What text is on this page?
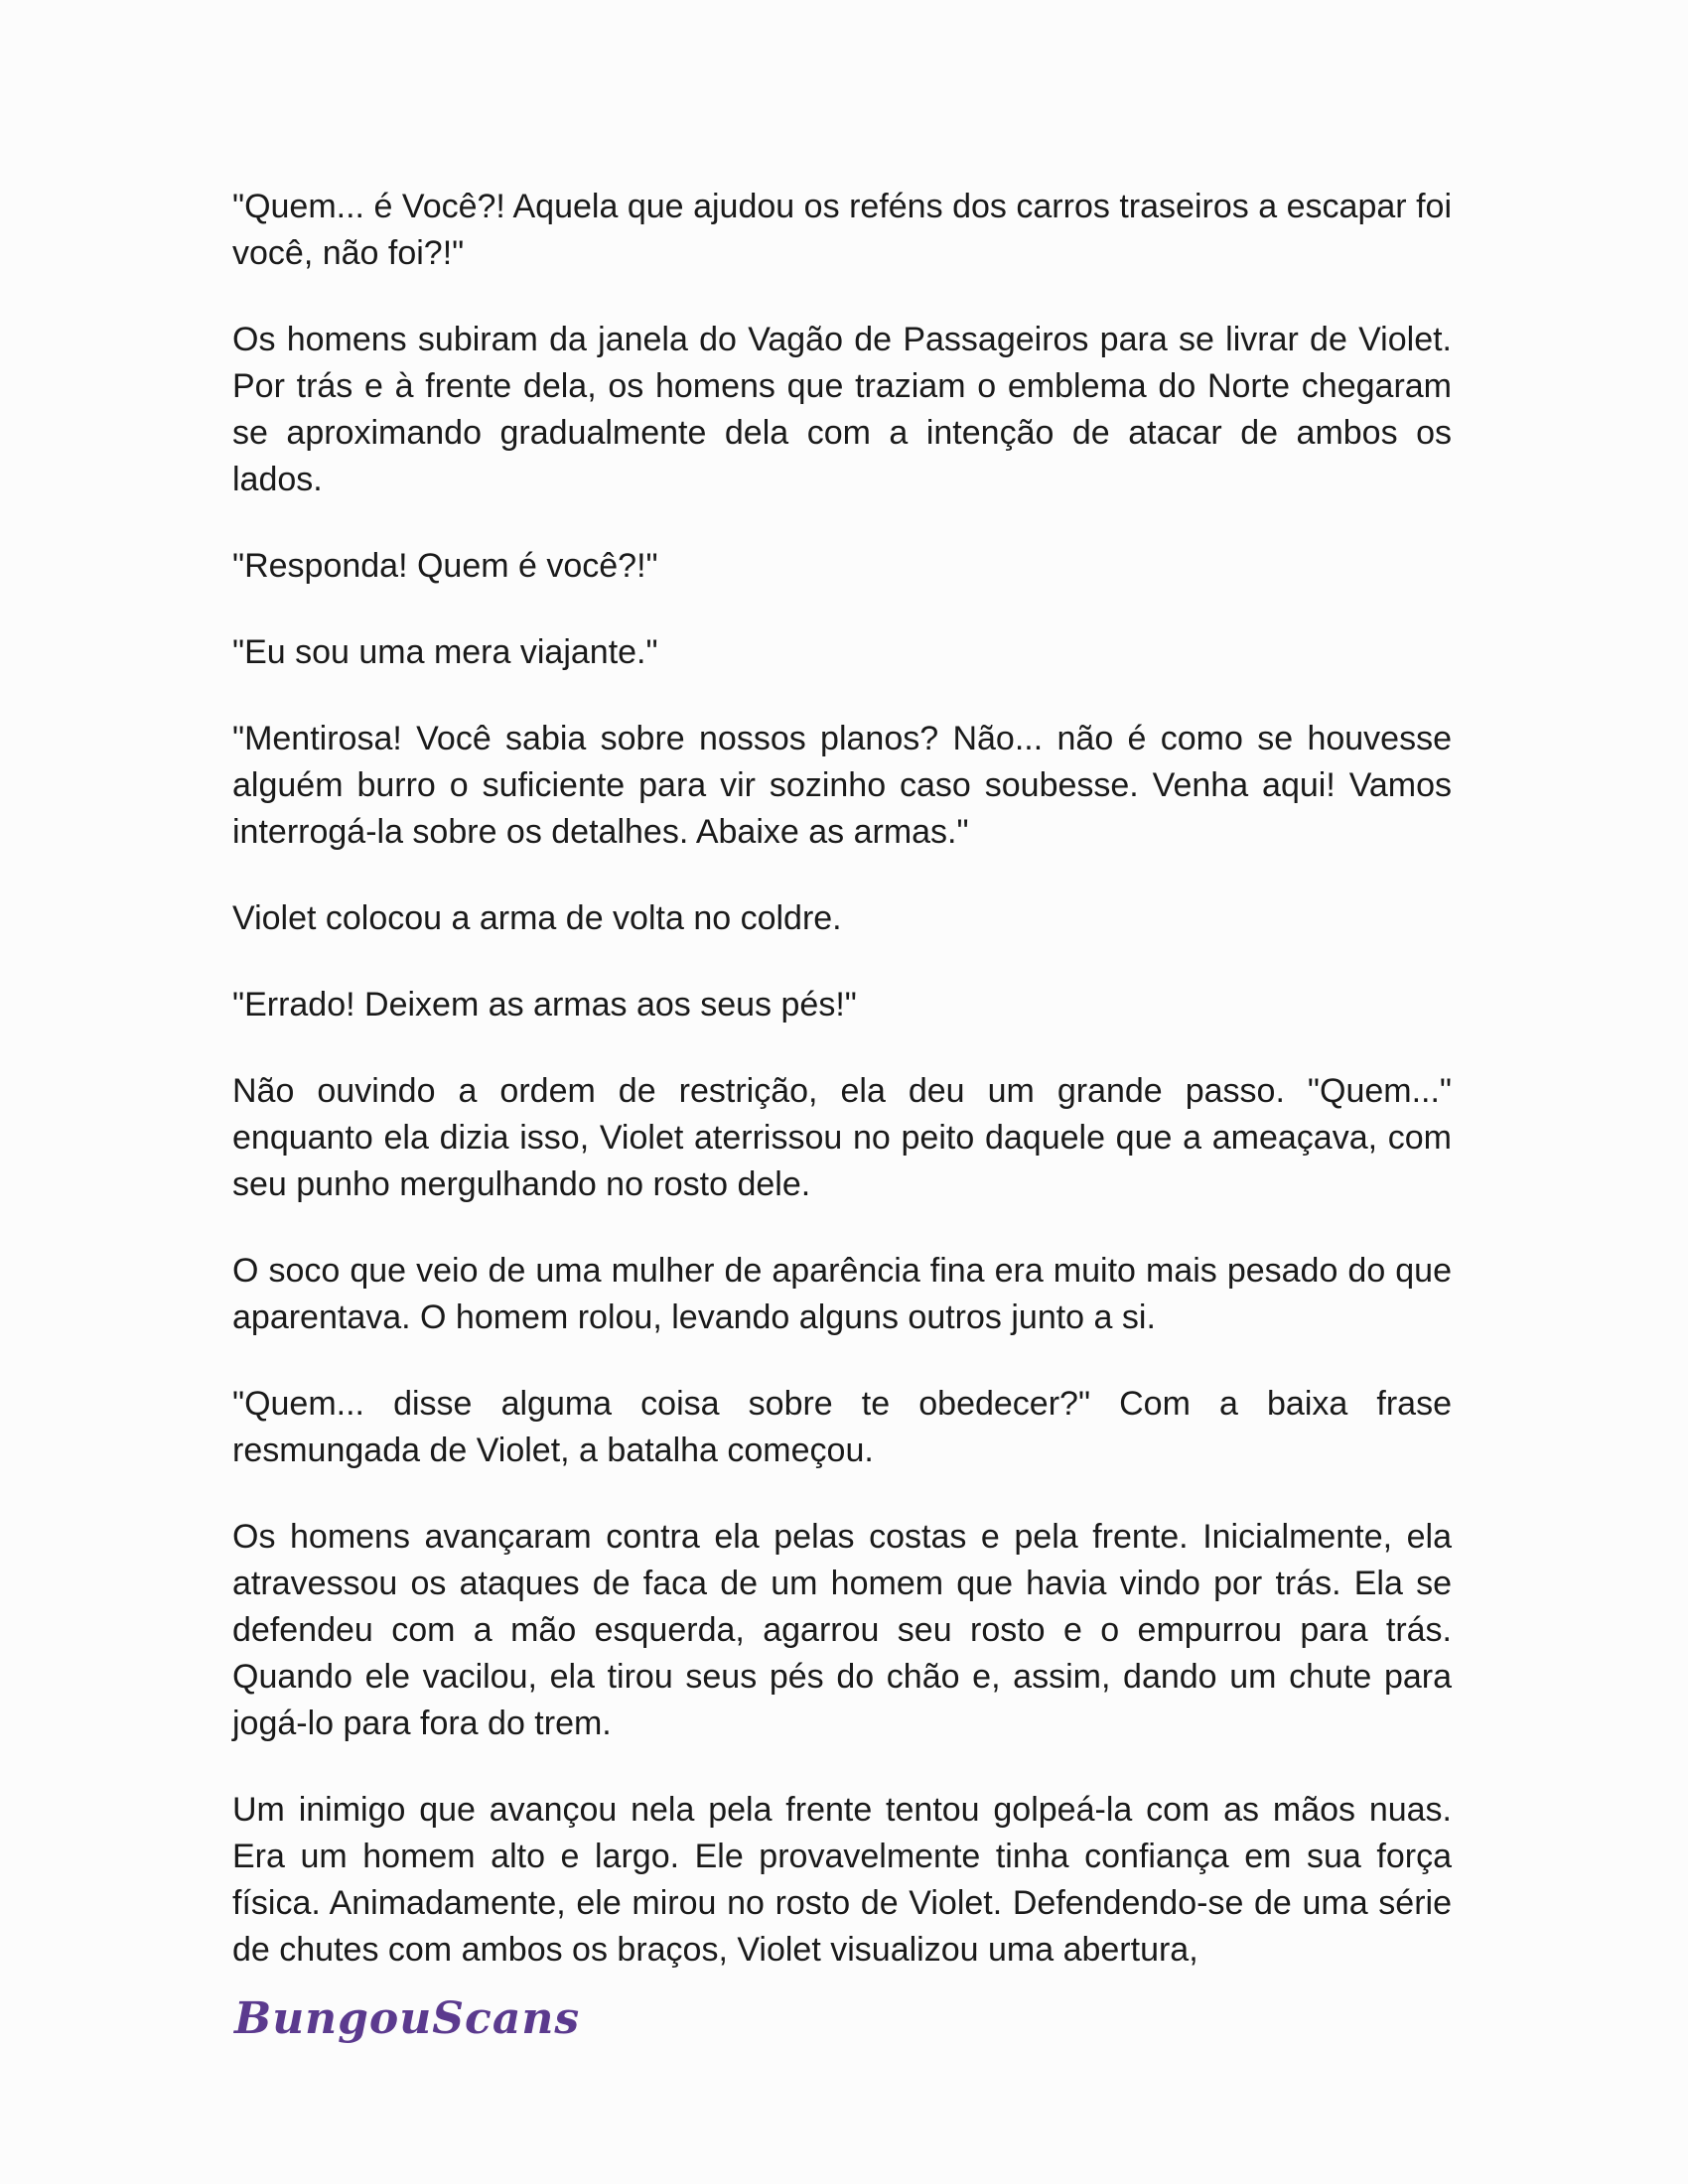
"Quem... é Você?! Aquela que ajudou os reféns dos carros traseiros a escapar foi você, não foi?!"

Os homens subiram da janela do Vagão de Passageiros para se livrar de Violet. Por trás e à frente dela, os homens que traziam o emblema do Norte chegaram se aproximando gradualmente dela com a intenção de atacar de ambos os lados.

"Responda! Quem é você?!"

"Eu sou uma mera viajante."

"Mentirosa! Você sabia sobre nossos planos? Não... não é como se houvesse alguém burro o suficiente para vir sozinho caso soubesse. Venha aqui! Vamos interrogá-la sobre os detalhes. Abaixe as armas."

Violet colocou a arma de volta no coldre.

"Errado! Deixem as armas aos seus pés!"

Não ouvindo a ordem de restrição, ela deu um grande passo. "Quem..." enquanto ela dizia isso, Violet aterrissou no peito daquele que a ameaçava, com seu punho mergulhando no rosto dele.

O soco que veio de uma mulher de aparência fina era muito mais pesado do que aparentava. O homem rolou, levando alguns outros junto a si.

"Quem... disse alguma coisa sobre te obedecer?" Com a baixa frase resmungada de Violet, a batalha começou.

Os homens avançaram contra ela pelas costas e pela frente. Inicialmente, ela atravessou os ataques de faca de um homem que havia vindo por trás. Ela se defendeu com a mão esquerda, agarrou seu rosto e o empurrou para trás. Quando ele vacilou, ela tirou seus pés do chão e, assim, dando um chute para jogá-lo para fora do trem.

Um inimigo que avançou nela pela frente tentou golpeá-la com as mãos nuas. Era um homem alto e largo. Ele provavelmente tinha confiança em sua força física. Animadamente, ele mirou no rosto de Violet. Defendendo-se de uma série de chutes com ambos os braços, Violet visualizou uma abertura,

BungouScans
